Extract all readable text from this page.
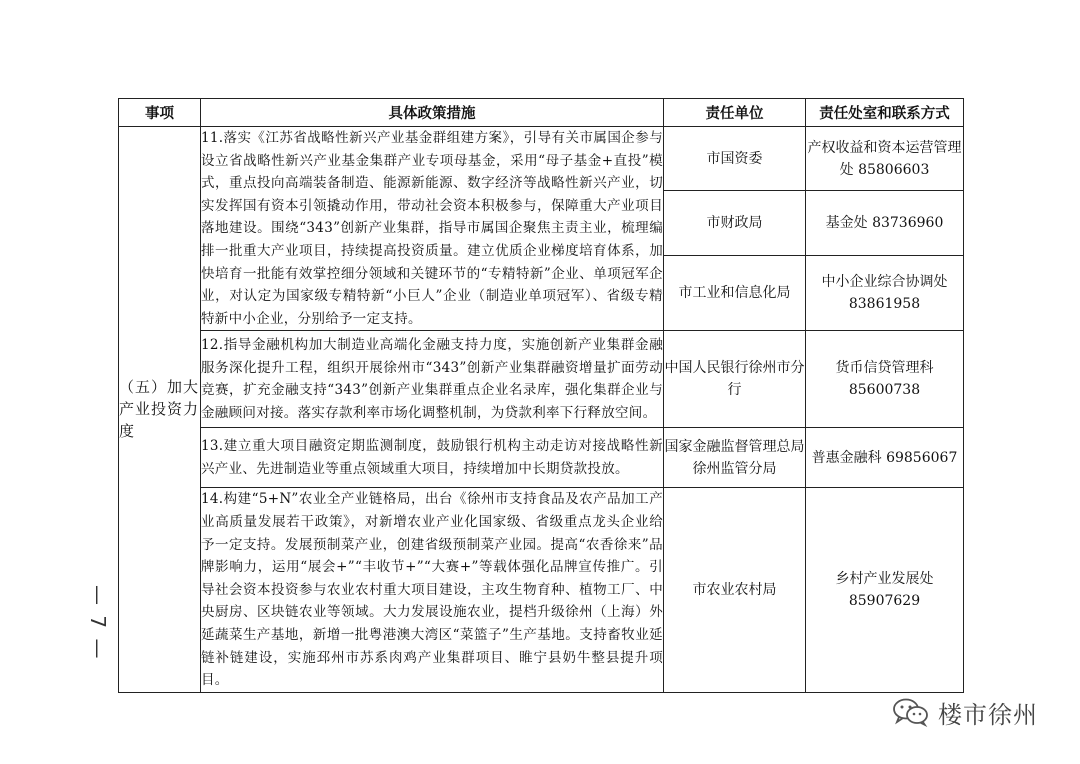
事项	具体政策措施	责任单位	责任处室和联系方式
（五）加大产业投资力度	11.落实《江苏省战略性新兴产业基金群组建方案》，引导有关市属国企参与设立省战略性新兴产业基金集群产业专项母基金，采用“母子基金+直投”模式，重点投向高端装备制造、能源新能源、数字经济等战略性新兴产业，切实发挥国有资本引领撬动作用，带动社会资本积极参与，保障重大产业项目落地建设。围绕“343”创新产业集群，指导市属国企聚焦主责主业，梳理编排一批重大产业项目，持续提高投资质量。建立优质企业梯度培育体系，加快培育一批能有效掌控细分领域和关键环节的“专精特新”企业、单项冠军企业，对认定为国家级专精特新“小巨人”企业（制造业单项冠军）、省级专精特新中小企业，分别给予一定支持。	市国资委	产权收益和资本运营管理处 85806603
		市财政局	基金处 83736960
		市工业和信息化局	中小企业综合协调处 83861958
	12.指导金融机构加大制造业高端化金融支持力度，实施创新产业集群金融服务深化提升工程，组织开展徐州市“343”创新产业集群融资增量扩面劳动竞赛，扩充金融支持“343”创新产业集群重点企业名录库，强化集群企业与金融顾问对接。落实存款利率市场化调整机制，为贷款利率下行释放空间。	中国人民银行徐州市分行	货币信贷管理科 85600738
	13.建立重大项目融资定期监测制度，鼓励银行机构主动走访对接战略性新兴产业、先进制造业等重点领域重大项目，持续增加中长期贷款投放。	国家金融监督管理总局徐州监管分局	普惠金融科 69856067
	14.构建“5+N”农业全产业链格局，出台《徐州市支持食品及农产品加工产业高质量发展若干政策》，对新增农业产业化国家级、省级重点龙头企业给予一定支持。发展预制菜产业，创建省级预制菜产业园。提高“农香徐来”品牌影响力，运用“展会+”“丰收节+”“大赛+”等载体强化品牌宣传推广。引导社会资本投资参与农业农村重大项目建设，主攻生物育种、植物工厂、中央厨房、区块链农业等领域。大力发展设施农业，提档升级徐州（上海）外延蔬菜生产基地，新增一批粤港澳大湾区“菜篮子”生产基地。支持畜牧业延链补链建设，实施邳州市苏系肉鸡产业集群项目、睢宁县奶牛整县提升项目。	市农业农村局	乡村产业发展处 85907629
— 7 —
楼市徐州
